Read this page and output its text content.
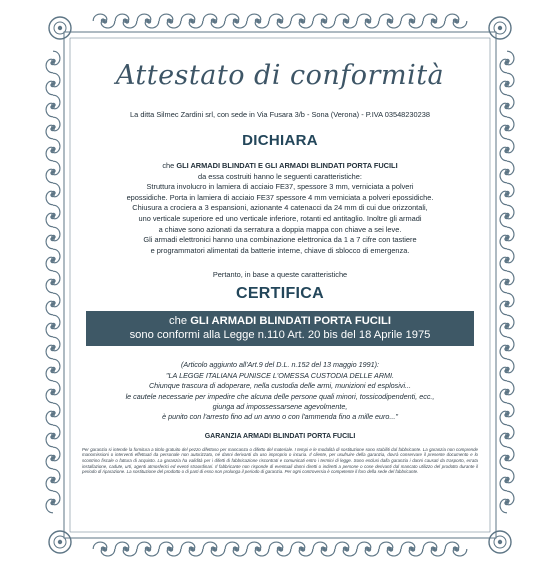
Attestato di conformità
La ditta Silmec Zardini srl, con sede in Via Fusara 3/b - Sona (Verona) - P.IVA 03548230238
DICHIARA
che GLI ARMADI BLINDATI E GLI ARMADI BLINDATI PORTA FUCILI
da essa costruiti hanno le seguenti caratteristiche:
Struttura involucro in lamiera di acciaio FE37, spessore 3 mm, verniciata a polveri
epossidiche. Porta in lamiera di acciaio FE37 spessore 4 mm verniciata a polveri epossidiche.
Chiusura a crociera a 3 espansioni, azionante 4 catenacci da 24 mm di cui due orizzontali,
uno verticale superiore ed uno verticale inferiore, rotanti ed antitaglio. Inoltre gli armadi
a chiave sono azionati da serratura a doppia mappa con chiave a sei leve.
Gli armadi elettronici hanno una combinazione elettronica da 1 a 7 cifre con tastiere
e programmatori alimentati da batterie interne, chiave di sblocco di emergenza.
Pertanto, in base a queste caratteristiche
CERTIFICA
che GLI ARMADI BLINDATI PORTA FUCILI
sono conformi alla Legge n.110 Art. 20 bis del 18 Aprile 1975
(Articolo aggiunto all'Art.9 del D.L. n.152 del 13 maggio 1991):
"LA LEGGE ITALIANA PUNISCE L'OMESSA CUSTODIA DELLE ARMI.
Chiunque trascura di adoperare, nella custodia delle armi, munizioni ed esplosivi...
le cautele necessarie per impedire che alcuna delle persone quali minori, tossicodipendenti, ecc.,
giunga ad impossessarsene agevolmente,
è punito con l'arresto fino ad un anno o con l'ammenda fino a mille euro..."
GARANZIA ARMADI BLINDATI PORTA FUCILI
Per garanzia si intende la fornitura a titolo gratuito del pezzo difettoso per mancanza o difetto del materiale. I tempi e le modalità di sostituzione sono stabiliti dal fabbricante. La garanzia non comprende manomissioni o interventi effettuati da personale non autorizzato, né danni derivanti da uso improprio o incuria. Il cliente, per usufruire della garanzia, dovrà conservare il presente documento e lo scontrino fiscale o fattura di acquisto. La garanzia ha validità per i difetti di fabbricazione riscontrati e comunicati entro i termini di legge. Sono esclusi dalla garanzia i danni causati da trasporto, errata installazione, cadute, urti, agenti atmosferici ed eventi straordinari. Il fabbricante non risponde di eventuali danni diretti o indiretti a persone o cose derivanti dal mancato utilizzo del prodotto durante il periodo di riparazione. La sostituzione del prodotto o di parti di esso non prolunga il periodo di garanzia. Per ogni controversia è competente il foro della sede del fabbricante.
